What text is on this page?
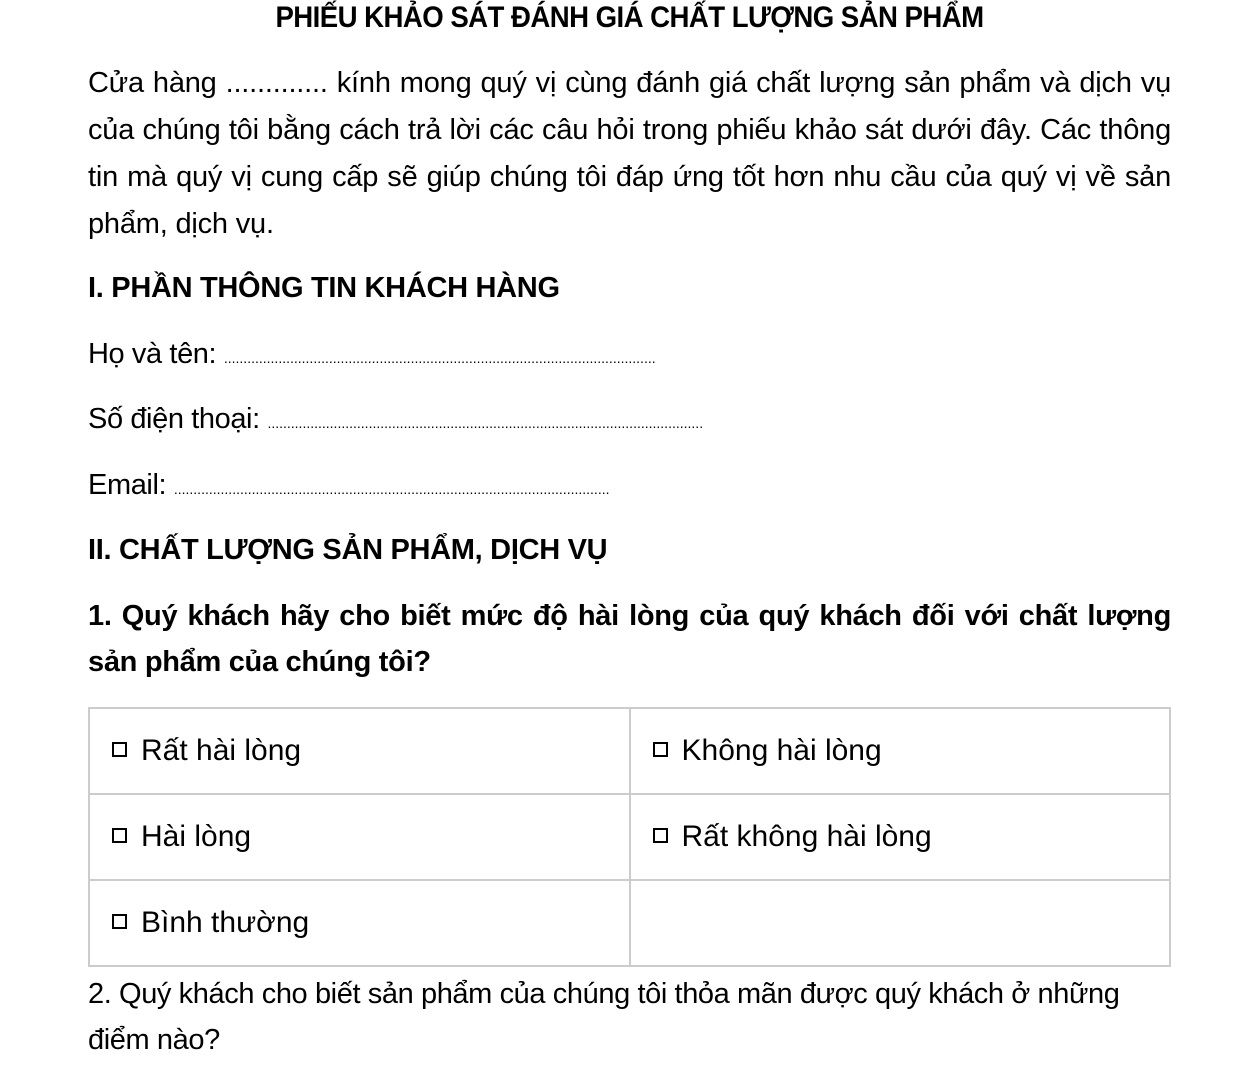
PHIẾU KHẢO SÁT ĐÁNH GIÁ CHẤT LƯỢNG SẢN PHẨM
Cửa hàng ............. kính mong quý vị cùng đánh giá chất lượng sản phẩm và dịch vụ của chúng tôi bằng cách trả lời các câu hỏi trong phiếu khảo sát dưới đây. Các thông tin mà quý vị cung cấp sẽ giúp chúng tôi đáp ứng tốt hơn nhu cầu của quý vị về sản phẩm, dịch vụ.
I. PHẦN THÔNG TIN KHÁCH HÀNG
Họ và tên: ...............................................................................................................
Số điện thoại: ................................................................................................................
Email: ................................................................................................................
II. CHẤT LƯỢNG SẢN PHẨM, DỊCH VỤ
1. Quý khách hãy cho biết mức độ hài lòng của quý khách đối với chất lượng sản phẩm của chúng tôi?
Rất hài lòng	Không hài lòng
Hài lòng	Rất không hài lòng
Bình thường	
2. Quý khách cho biết sản phẩm của chúng tôi thỏa mãn được quý khách ở những điểm nào?
